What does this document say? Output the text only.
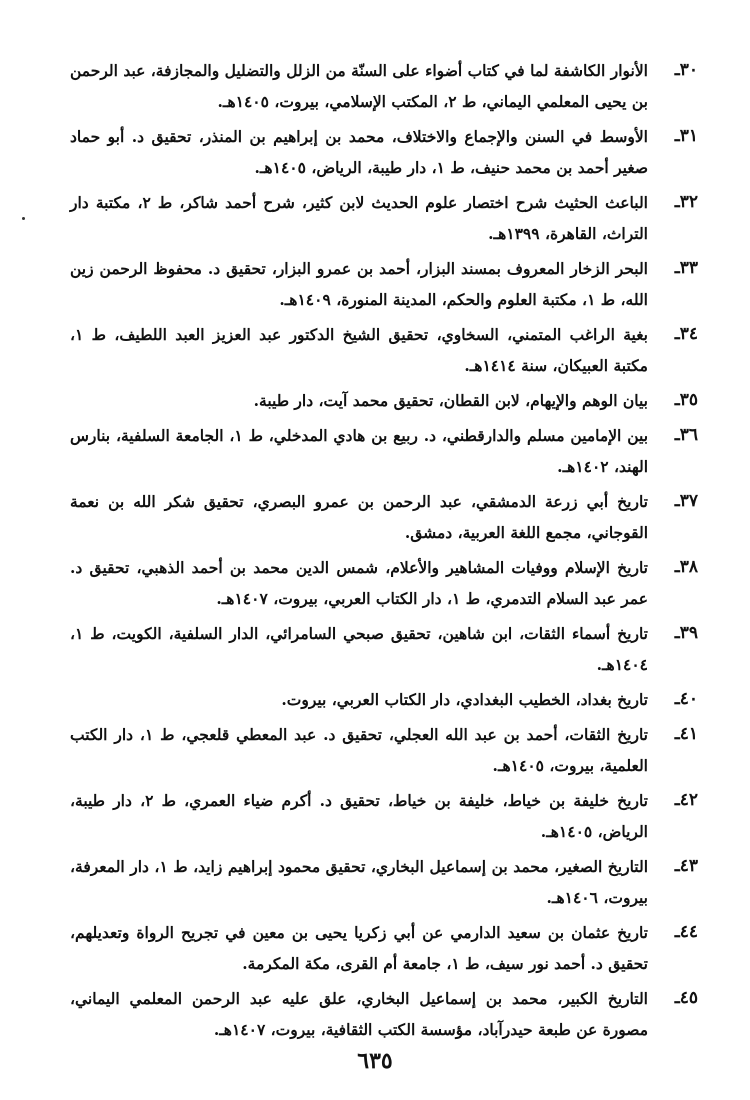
٣٠ـ
الأنوار الكاشفة لما في كتاب أضواء على السنّة من الزلل والتضليل والمجازفة، عبد الرحمن بن يحيى المعلمي اليماني، ط ٢، المكتب الإسلامي، بيروت، ١٤٠٥هـ.
٣١ـ
الأوسط في السنن والإجماع والاختلاف، محمد بن إبراهيم بن المنذر، تحقيق د. أبو حماد صغير أحمد بن محمد حنيف، ط ١، دار طيبة، الرياض، ١٤٠٥هـ.
٣٢ـ
الباعث الحثيث شرح اختصار علوم الحديث لابن كثير، شرح أحمد شاكر، ط ٢، مكتبة دار التراث، القاهرة، ١٣٩٩هـ.
٣٣ـ
البحر الزخار المعروف بمسند البزار، أحمد بن عمرو البزار، تحقيق د. محفوظ الرحمن زين الله، ط ١، مكتبة العلوم والحكم، المدينة المنورة، ١٤٠٩هـ.
٣٤ـ
بغية الراغب المتمني، السخاوي، تحقيق الشيخ الدكتور عبد العزيز العبد اللطيف، ط ١، مكتبة العبيكان، سنة ١٤١٤هـ.
٣٥ـ
بيان الوهم والإيهام، لابن القطان، تحقيق محمد آيت، دار طيبة.
٣٦ـ
بين الإمامين مسلم والدارقطني، د. ربيع بن هادي المدخلي، ط ١، الجامعة السلفية، بنارس الهند، ١٤٠٢هـ.
٣٧ـ
تاريخ أبي زرعة الدمشقي، عبد الرحمن بن عمرو البصري، تحقيق شكر الله بن نعمة القوجاني، مجمع اللغة العربية، دمشق.
٣٨ـ
تاريخ الإسلام ووفيات المشاهير والأعلام، شمس الدين محمد بن أحمد الذهبي، تحقيق د. عمر عبد السلام التدمري، ط ١، دار الكتاب العربي، بيروت، ١٤٠٧هـ.
٣٩ـ
تاريخ أسماء الثقات، ابن شاهين، تحقيق صبحي السامرائي، الدار السلفية، الكويت، ط ١، ١٤٠٤هـ.
٤٠ـ
تاريخ بغداد، الخطيب البغدادي، دار الكتاب العربي، بيروت.
٤١ـ
تاريخ الثقات، أحمد بن عبد الله العجلي، تحقيق د. عبد المعطي قلعجي، ط ١، دار الكتب العلمية، بيروت، ١٤٠٥هـ.
٤٢ـ
تاريخ خليفة بن خياط، خليفة بن خياط، تحقيق د. أكرم ضياء العمري، ط ٢، دار طيبة، الرياض، ١٤٠٥هـ.
٤٣ـ
التاريخ الصغير، محمد بن إسماعيل البخاري، تحقيق محمود إبراهيم زايد، ط ١، دار المعرفة، بيروت، ١٤٠٦هـ.
٤٤ـ
تاريخ عثمان بن سعيد الدارمي عن أبي زكريا يحيى بن معين في تجريح الرواة وتعديلهم، تحقيق د. أحمد نور سيف، ط ١، جامعة أم القرى، مكة المكرمة.
٤٥ـ
التاريخ الكبير، محمد بن إسماعيل البخاري، علق عليه عبد الرحمن المعلمي اليماني، مصورة عن طبعة حيدرآباد، مؤسسة الكتب الثقافية، بيروت، ١٤٠٧هـ.
٦٣٥
